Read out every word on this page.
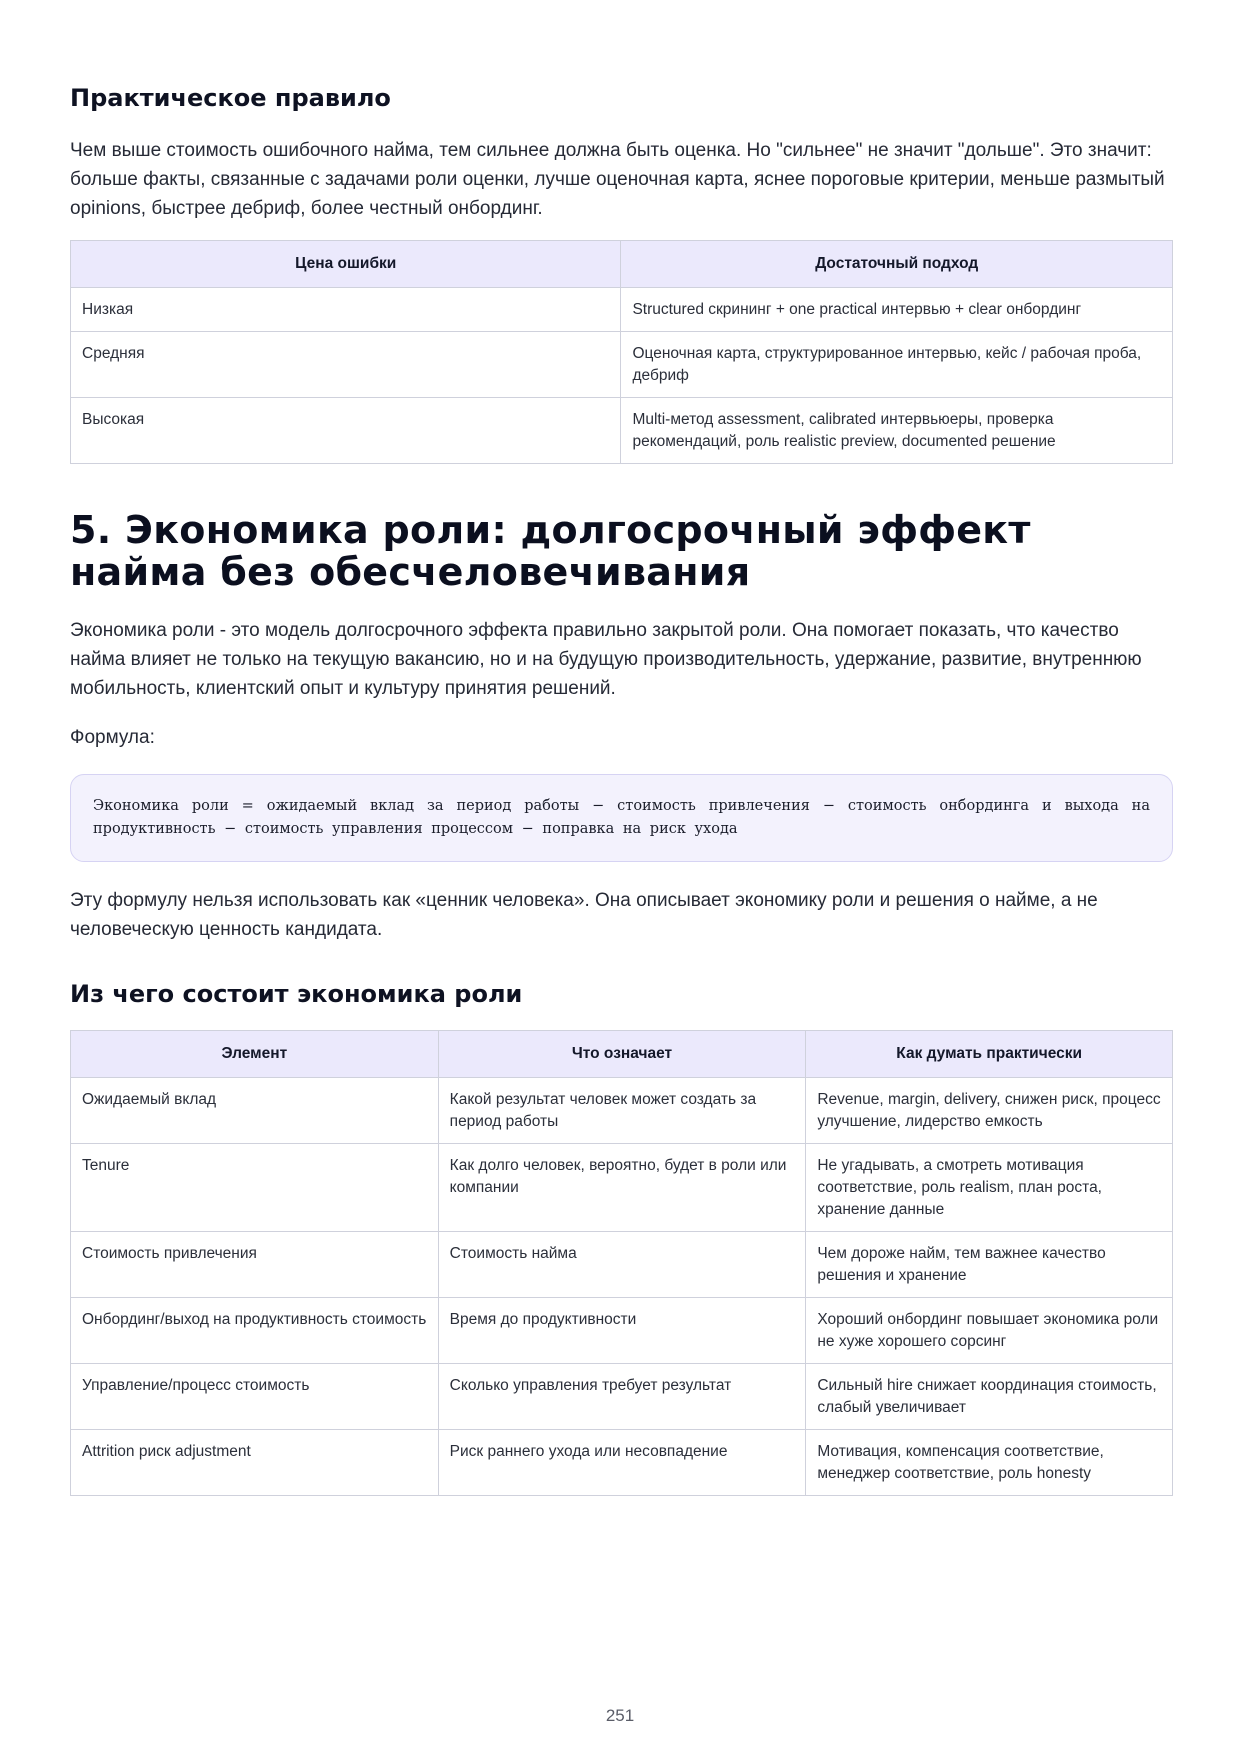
Практическое правило

Чем выше стоимость ошибочного найма, тем сильнее должна быть оценка. Но "сильнее" не значит "дольше". Это значит: больше факты, связанные с задачами роли оценки, лучше оценочная карта, яснее пороговые критерии, меньше размытый opinions, быстрее дебриф, более честный онбординг.

Цена ошибки	Достаточный подход
Низкая	Structured скрининг + one practical интервью + clear онбординг
Средняя	Оценочная карта, структурированное интервью, кейс / рабочая проба, дебриф
Высокая	Multi-метод assessment, calibrated интервьюеры, проверка рекомендаций, роль realistic preview, documented решение
5. Экономика роли: долгосрочный эффект найма без обесчеловечивания

Экономика роли - это модель долгосрочного эффекта правильно закрытой роли. Она помогает показать, что качество найма влияет не только на текущую вакансию, но и на будущую производительность, удержание, развитие, внутреннюю мобильность, клиентский опыт и культуру принятия решений.

Формула:

Экономика роли = ожидаемый вклад за период работы − стоимость привлечения − стоимость онбординга и выхода на продуктивность − стоимость управления процессом − поправка на риск ухода

Эту формулу нельзя использовать как «ценник человека». Она описывает экономику роли и решения о найме, а не человеческую ценность кандидата.

Из чего состоит экономика роли
Элемент	Что означает	Как думать практически
Ожидаемый вклад	Какой результат человек может создать за период работы	Revenue, margin, delivery, снижен риск, процесс улучшение, лидерство емкость
Tenure	Как долго человек, вероятно, будет в роли или компании	Не угадывать, а смотреть мотивация соответствие, роль realism, план роста, хранение данные
Стоимость привлечения	Стоимость найма	Чем дороже найм, тем важнее качество решения и хранение
Онбординг/выход на продуктивность стоимость	Время до продуктивности	Хороший онбординг повышает экономика роли не хуже хорошего сорсинг
Управление/процесс стоимость	Сколько управления требует результат	Сильный hire снижает координация стоимость, слабый увеличивает
Attrition риск adjustment	Риск раннего ухода или несовпадение	Мотивация, компенсация соответствие, менеджер соответствие, роль honesty
251
